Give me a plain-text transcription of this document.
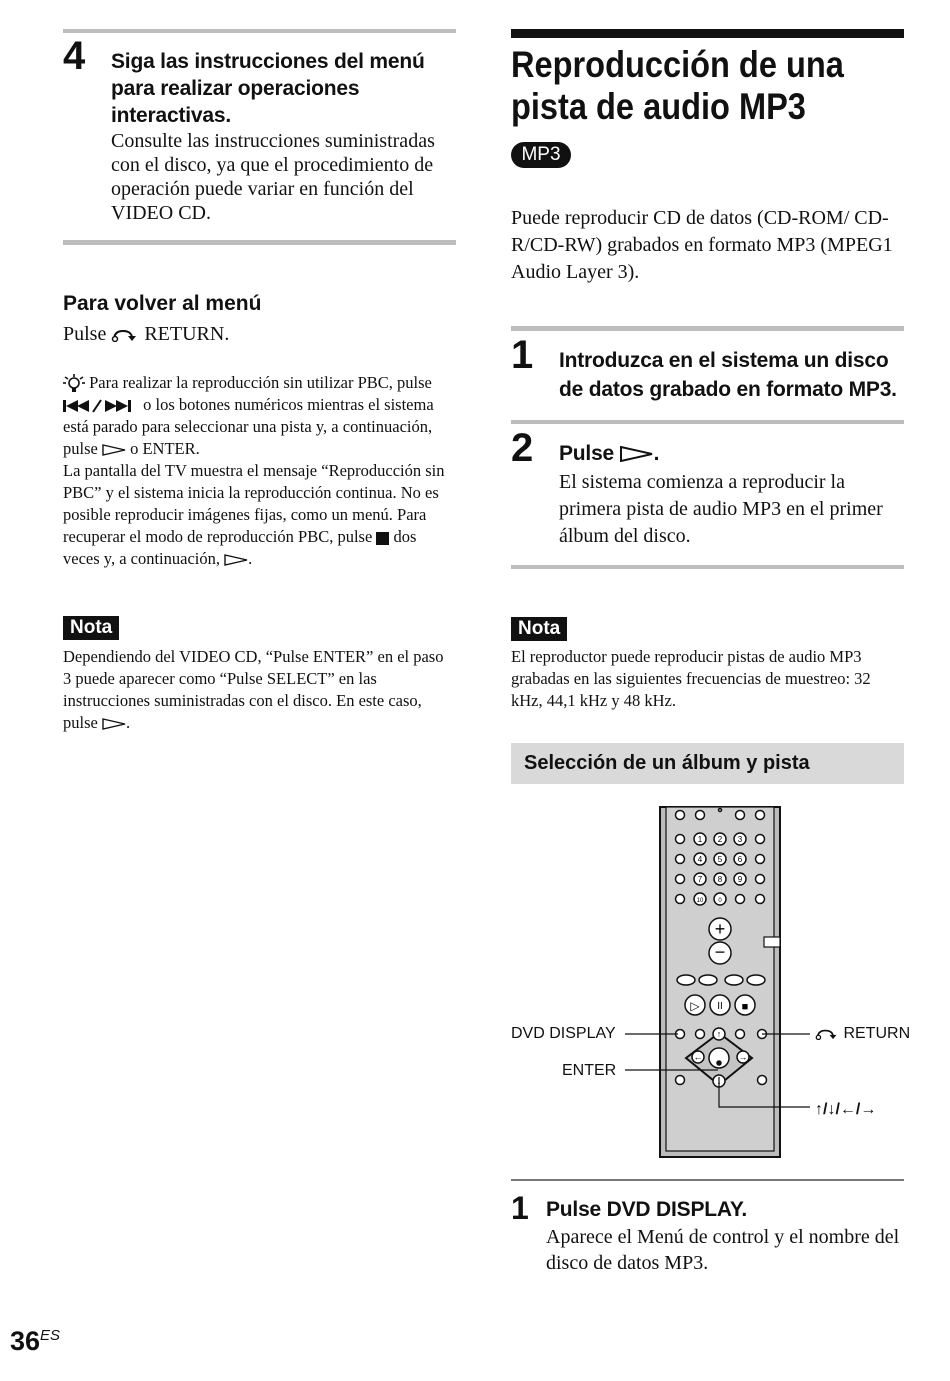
4 Siga las instrucciones del menú para realizar operaciones interactivas.
Consulte las instrucciones suministradas con el disco, ya que el procedimiento de operación puede variar en función del VIDEO CD.
Para volver al menú
Pulse RETURN.
Para realizar la reproducción sin utilizar PBC, pulse  o los botones numéricos mientras el sistema está parado para seleccionar una pista y, a continuación, pulse o ENTER.
La pantalla del TV muestra el mensaje “Reproducción sin PBC” y el sistema inicia la reproducción continua. No es posible reproducir imágenes fijas, como un menú. Para recuperar el modo de reproducción PBC, pulse dos veces y, a continuación, .
Nota
Dependiendo del VIDEO CD, “Pulse ENTER” en el paso 3 puede aparecer como “Pulse SELECT” en las instrucciones suministradas con el disco. En este caso, pulse .
Reproducción de una
pista de audio MP3
MP3
Puede reproducir CD de datos (CD-ROM/ CD-R/CD-RW) grabados en formato MP3 (MPEG1 Audio Layer 3).
1 Introduzca en el sistema un disco de datos grabado en formato MP3.
2 Pulse .
El sistema comienza a reproducir la primera pista de audio MP3 en el primer álbum del disco.
Nota
El reproductor puede reproducir pistas de audio MP3 grabadas en las siguientes frecuencias de muestreo: 32 kHz, 44,1 kHz y 48 kHz.
Selección de un álbum y pista
1 2 3
4 5 6
7 8 9
10 0
+
−
▷ II ■
↑
←	→
↓
DVD DISPLAY
ENTER
RETURN
↑/↓/←/→
1 Pulse DVD DISPLAY.
Aparece el Menú de control y el nombre del disco de datos MP3.
$36^{ES}$
